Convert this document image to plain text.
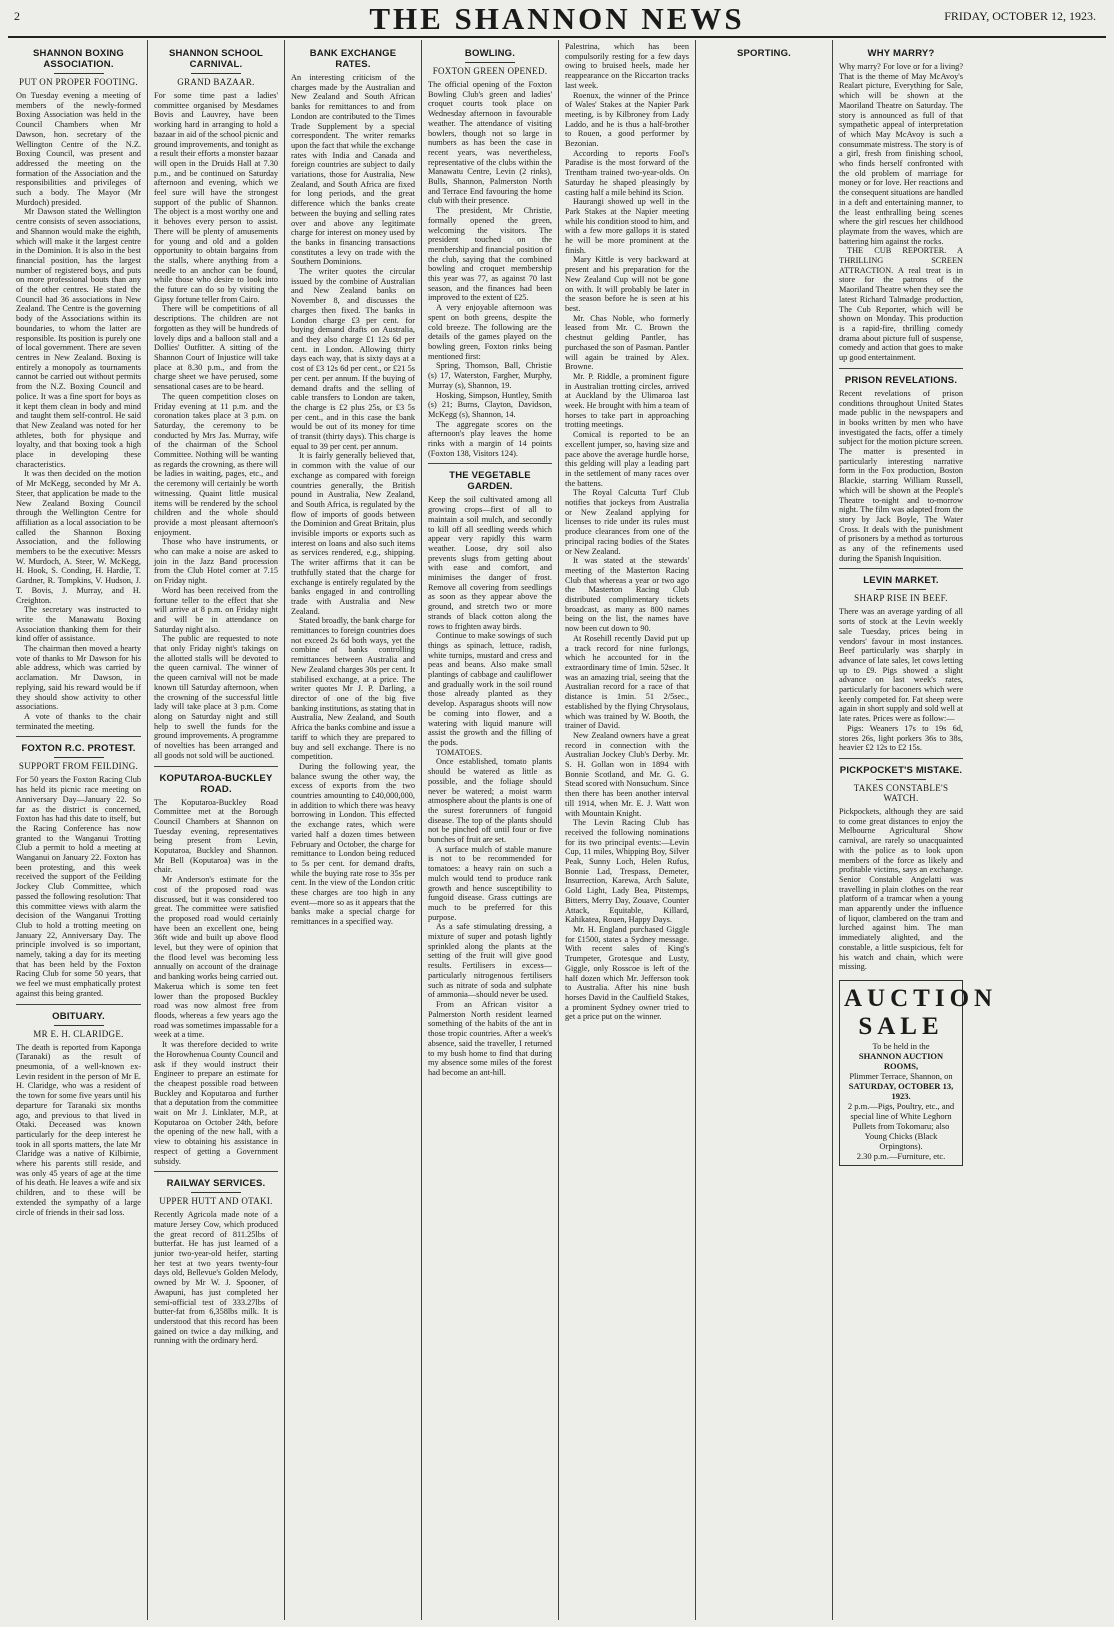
2	THE SHANNON NEWS	FRIDAY, OCTOBER 12, 1923.
SHANNON BOXING ASSOCIATION.
PUT ON PROPER FOOTING.

On Tuesday evening a meeting of members of the newly-formed Boxing Association was held in the Council Chambers when Mr Dawson, hon. secretary of the Wellington Centre of the N.Z. Boxing Council, was present and addressed the meeting on the formation of the Association and the responsibilities and privileges of such a body. The Mayor (Mr Murdoch) presided.

Mr Dawson stated the Wellington centre consists of seven associations, and Shannon would make the eighth, which will make it the largest centre in the Dominion. It is also in the best financial position, has the largest number of registered boys, and puts on more professional bouts than any of the other centres. He stated the Council had 36 associations in New Zealand. The Centre is the governing body of the Associations within its boundaries, to whom the latter are responsible. Its position is purely one of local government. There are seven centres in New Zealand. Boxing is entirely a monopoly as tournaments cannot be carried out without permits from the N.Z. Boxing Council and police. It was a fine sport for boys as it kept them clean in body and mind and taught them self-control. He said that New Zealand was noted for her athletes, both for physique and loyalty, and that boxing took a high place in developing these characteristics.

It was then decided on the motion of Mr McKegg, seconded by Mr A. Steer, that application be made to the New Zealand Boxing Council through the Wellington Centre for affiliation as a local association to be called the Shannon Boxing Association, and the following members to be the executive: Messrs W. Murdoch, A. Steer, W. McKegg, H. Hook, S. Conding, H. Hardie, T. Gardner, R. Tompkins, V. Hudson, J. T. Bovis, J. Murray, and H. Creighton.

The secretary was instructed to write the Manawatu Boxing Association thanking them for their kind offer of assistance.

The chairman then moved a hearty vote of thanks to Mr Dawson for his able address, which was carried by acclamation. Mr Dawson, in replying, said his reward would be if they should show activity to other associations.

A vote of thanks to the chair terminated the meeting.

FOXTON R.C. PROTEST.
SUPPORT FROM FEILDING.

For 50 years the Foxton Racing Club has held its picnic race meeting on Anniversary Day—January 22. So far as the district is concerned, Foxton has had this date to itself, but the Racing Conference has now granted to the Wanganui Trotting Club a permit to hold a meeting at Wanganui on January 22. Foxton has been protesting, and this week received the support of the Feilding Jockey Club Committee, which passed the following resolution: That this committee views with alarm the decision of the Wanganui Trotting Club to hold a trotting meeting on January 22, Anniversary Day. The principle involved is so important, namely, taking a day for its meeting that has been held by the Foxton Racing Club for some 50 years, that we feel we must emphatically protest against this being granted.

OBITUARY.
MR E. H. CLARIDGE.

The death is reported from Kaponga (Taranaki) as the result of pneumonia, of a well-known ex-Levin resident in the person of Mr E. H. Claridge, who was a resident of the town for some five years until his departure for Taranaki six months ago, and previous to that lived in Otaki. Deceased was known particularly for the deep interest he took in all sports matters, the late Mr Claridge was a native of Kilbirnie, where his parents still reside, and was only 45 years of age at the time of his death. He leaves a wife and six children, and to these will be extended the sympathy of a large circle of friends in their sad loss.

SHANNON SCHOOL CARNIVAL.
GRAND BAZAAR.

For some time past a ladies' committee organised by Mesdames Bovis and Lauvrey, have been working hard in arranging to hold a bazaar in aid of the school picnic and ground improvements, and tonight as a result their efforts a monster bazaar will open in the Druids Hall at 7.30 p.m., and be continued on Saturday afternoon and evening, which we feel sure will have the strongest support of the public of Shannon. The object is a most worthy one and it behoves every person to assist. There will be plenty of amusements for young and old and a golden opportunity to obtain bargains from the stalls, where anything from a needle to an anchor can be found, while those who desire to look into the future can do so by visiting the Gipsy fortune teller from Cairo.

There will be competitions of all descriptions. The children are not forgotten as they will be hundreds of lovely dips and a balloon stall and a Dollies' Outfitter. A sitting of the Shannon Court of Injustice will take place at 8.30 p.m., and from the charge sheet we have perused, some sensational cases are to be heard.

The queen competition closes on Friday evening at 11 p.m. and the coronation takes place at 3 p.m. on Saturday, the ceremony to be conducted by Mrs Jas. Murray, wife of the chairman of the School Committee. Nothing will be wanting as regards the crowning, as there will be ladies in waiting, pages, etc., and the ceremony will certainly be worth witnessing. Quaint little musical items will be rendered by the school children and the whole should provide a most pleasant afternoon's enjoyment.

Those who have instruments, or who can make a noise are asked to join in the Jazz Band procession from the Club Hotel corner at 7.15 on Friday night.

Word has been received from the fortune teller to the effect that she will arrive at 8 p.m. on Friday night and will be in attendance on Saturday night also.

The public are requested to note that only Friday night's takings on the allotted stalls will be devoted to the queen carnival. The winner of the queen carnival will not be made known till Saturday afternoon, when the crowning of the successful little lady will take place at 3 p.m. Come along on Saturday night and still help to swell the funds for the ground improvements. A programme of novelties has been arranged and all goods not sold will be auctioned.

KOPUTAROA-BUCKLEY ROAD.

The Koputaroa-Buckley Road Committee met at the Borough Council Chambers at Shannon on Tuesday evening, representatives being present from Levin, Koputaroa, Buckley and Shannon. Mr Bell (Koputaroa) was in the chair.

Mr Anderson's estimate for the cost of the proposed road was discussed, but it was considered too great. The committee were satisfied the proposed road would certainly have been an excellent one, being 36ft wide and built up above flood level, but they were of opinion that the flood level was becoming less annually on account of the drainage and banking works being carried out. Makerua which is some ten feet lower than the proposed Buckley road was now almost free from floods, whereas a few years ago the road was sometimes impassable for a week at a time.

It was therefore decided to write the Horowhenua County Council and ask if they would instruct their Engineer to prepare an estimate for the cheapest possible road between Buckley and Koputaroa and further that a deputation from the committee wait on Mr J. Linklater, M.P., at Koputaroa on October 24th, before the opening of the new hall, with a view to obtaining his assistance in respect of getting a Government subsidy.

RAILWAY SERVICES.
UPPER HUTT AND OTAKI.

Recently Agricola made note of a mature Jersey Cow, which produced the great record of 811.25lbs of butterfat. He has just learned of a junior two-year-old heifer, starting her test at two years twenty-four days old, Bellevue's Golden Melody, owned by Mr W. J. Spooner, of Awapuni, has just completed her semi-official test of 333.27lbs of butter-fat from 6,358lbs milk. It is understood that this record has been gained on twice a day milking, and running with the ordinary herd.

BANK EXCHANGE RATES.

An interesting criticism of the charges made by the Australian and New Zealand and South African banks for remittances to and from London are contributed to the Times Trade Supplement by a special correspondent. The writer remarks upon the fact that while the exchange rates with India and Canada and foreign countries are subject to daily variations, those for Australia, New Zealand, and South Africa are fixed for long periods, and the great difference which the banks create between the buying and selling rates over and above any legitimate charge for interest on money used by the banks in financing transactions constitutes a levy on trade with the Southern Dominions.

The writer quotes the circular issued by the combine of Australian and New Zealand banks on November 8, and discusses the charges then fixed. The banks in London charge £3 per cent. for buying demand drafts on Australia, and they also charge £1 12s 6d per cent. in London. Allowing thirty days each way, that is sixty days at a cost of £3 12s 6d per cent., or £21 5s per cent. per annum. If the buying of demand drafts and the selling of cable transfers to London are taken, the charge is £2 plus 25s, or £3 5s per cent., and in this case the bank would be out of its money for time of transit (thirty days). This charge is equal to 39 per cent. per annum.

It is fairly generally believed that, in common with the value of our exchange as compared with foreign countries generally, the British pound in Australia, New Zealand, and South Africa, is regulated by the flow of imports of goods between the Dominion and Great Britain, plus invisible imports or exports such as interest on loans and also such items as services rendered, e.g., shipping. The writer affirms that it can be truthfully stated that the charge for exchange is entirely regulated by the banks engaged in and controlling trade with Australia and New Zealand.

Stated broadly, the bank charge for remittances to foreign countries does not exceed 2s 6d both ways, yet the combine of banks controlling remittances between Australia and New Zealand charges 30s per cent. It stabilised exchange, at a price. The writer quotes Mr J. P. Darling, a director of one of the big five banking institutions, as stating that in Australia, New Zealand, and South Africa the banks combine and issue a tariff to which they are prepared to buy and sell exchange. There is no competition.

During the following year, the balance swung the other way, the excess of exports from the two countries amounting to £40,000,000, in addition to which there was heavy borrowing in London. This effected the exchange rates, which were varied half a dozen times between February and October, the charge for remittance to London being reduced to 5s per cent. for demand drafts, while the buying rate rose to 35s per cent. In the view of the London critic these charges are too high in any event—more so as it appears that the banks make a special charge for remittances in a specified way.

BOWLING.
FOXTON GREEN OPENED.

The official opening of the Foxton Bowling Club's green and ladies' croquet courts took place on Wednesday afternoon in favourable weather. The attendance of visiting bowlers, though not so large in numbers as has been the case in recent years, was nevertheless, representative of the clubs within the Manawatu Centre, Levin (2 rinks), Bulls, Shannon, Palmerston North and Terrace End favouring the home club with their presence.

The president, Mr Christie, formally opened the green, welcoming the visitors. The president touched on the membership and financial position of the club, saying that the combined bowling and croquet membership this year was 77, as against 70 last season, and the finances had been improved to the extent of £25.

A very enjoyable afternoon was spent on both greens, despite the cold breeze. The following are the details of the games played on the bowling green, Foxton rinks being mentioned first:

Spring, Thomson, Ball, Christie (s) 17, Waterston, Fargher, Murphy, Murray (s), Shannon, 19.

Hosking, Simpson, Huntley, Smith (s) 21; Burns, Clayton, Davidson, McKegg (s), Shannon, 14.

The aggregate scores on the afternoon's play leaves the home rinks with a margin of 14 points (Foxton 138, Visitors 124).

THE VEGETABLE GARDEN.

Keep the soil cultivated among all growing crops—first of all to maintain a soil mulch, and secondly to kill off all seedling weeds which appear very rapidly this warm weather. Loose, dry soil also prevents slugs from getting about with ease and comfort, and minimises the danger of frost. Remove all covering from seedlings as soon as they appear above the ground, and stretch two or more strands of black cotton along the rows to frighten away birds.

Continue to make sowings of such things as spinach, lettuce, radish, white turnips, mustard and cress and peas and beans. Also make small plantings of cabbage and cauliflower and gradually work in the soil round those already planted as they develop. Asparagus shoots will now be coming into flower, and a watering with liquid manure will assist the growth and the filling of the pods.

TOMATOES.

Once established, tomato plants should be watered as little as possible, and the foliage should never be watered; a moist warm atmosphere about the plants is one of the surest forerunners of fungoid disease. The top of the plants should not be pinched off until four or five bunches of fruit are set.

A surface mulch of stable manure is not to be recommended for tomatoes: a heavy rain on such a mulch would tend to produce rank growth and hence susceptibility to fungoid disease. Grass cuttings are much to be preferred for this purpose.

As a safe stimulating dressing, a mixture of super and potash lightly sprinkled along the plants at the setting of the fruit will give good results. Fertilisers in excess—particularly nitrogenous fertilisers such as nitrate of soda and sulphate of ammonia—should never be used.

From an African visitor a Palmerston North resident learned something of the habits of the ant in those tropic countries. After a week's absence, said the traveller, I returned to my bush home to find that during my absence some miles of the forest had become an ant-hill.

Palestrina, which has been compulsorily resting for a few days owing to bruised heels, made her reappearance on the Riccarton tracks last week.

Roenux, the winner of the Prince of Wales' Stakes at the Napier Park meeting, is by Kilbroney from Lady Laddo, and he is thus a half-brother to Rouen, a good performer by Bezonian.

According to reports Fool's Paradise is the most forward of the Trentham trained two-year-olds. On Saturday he shaped pleasingly by casting half a mile behind its Scion.

Haurangi showed up well in the Park Stakes at the Napier meeting while his condition stood to him, and with a few more gallops it is stated he will be more prominent at the finish.

Mary Kittle is very backward at present and his preparation for the New Zealand Cup will not be gone on with. It will probably be later in the season before he is seen at his best.

Mr. Chas Noble, who formerly leased from Mr. C. Brown the chestnut gelding Pantler, has purchased the son of Pasman. Pantler will again be trained by Alex. Browne.

Mr. P. Riddle, a prominent figure in Australian trotting circles, arrived at Auckland by the Ulimaroa last week. He brought with him a team of horses to take part in approaching trotting meetings.

Comical is reported to be an excellent jumper, so, having size and pace above the average hurdle horse, this gelding will play a leading part in the settlement of many races over the battens.

The Royal Calcutta Turf Club notifies that jockeys from Australia or New Zealand applying for licenses to ride under its rules must produce clearances from one of the principal racing bodies of the States or New Zealand.

It was stated at the stewards' meeting of the Masterton Racing Club that whereas a year or two ago the Masterton Racing Club distributed complimentary tickets broadcast, as many as 800 names being on the list, the names have now been cut down to 90.

At Rosehill recently David put up a track record for nine furlongs, which he accounted for in the extraordinary time of 1min. 52sec. It was an amazing trial, seeing that the Australian record for a race of that distance is 1min. 51 2/5sec., established by the flying Chrysolaus, which was trained by W. Booth, the trainer of David.

New Zealand owners have a great record in connection with the Australian Jockey Club's Derby. Mr. S. H. Gollan won in 1894 with Bonnie Scotland, and Mr. G. G. Stead scored with Nonsuchum. Since then there has been another interval till 1914, when Mr. E. J. Watt won with Mountain Knight.

The Levin Racing Club has received the following nominations for its two principal events:—Levin Cup, 11 miles, Whipping Boy, Silver Peak, Sunny Loch, Helen Rufus, Bonnie Lad, Trespass, Demeter, Insurrection, Karewa, Arch Salute, Gold Light, Lady Bea, Pitstemps, Bitters, Merry Day, Zouave, Counter Attack, Equitable, Killard, Kahikatea, Rouen, Happy Days.

Mr. H. England purchased Giggle for £1500, states a Sydney message. With recent sales of King's Trumpeter, Grotesque and Lusty, Giggle, only Rosscoe is left of the half dozen which Mr. Jefferson took to Australia. After his nine bush horses David in the Caulfield Stakes, a prominent Sydney owner tried to get a price put on the winner.

SPORTING.	WHY MARRY?

Why marry? For love or for a living? That is the theme of May McAvoy's Realart picture, Everything for Sale, which will be shown at the Maoriland Theatre on Saturday. The story is announced as full of that sympathetic appeal of interpretation of which May McAvoy is such a consummate mistress. The story is of a girl, fresh from finishing school, who finds herself confronted with the old problem of marriage for money or for love. Her reactions and the consequent situations are handled in a deft and entertaining manner, to the least enthralling being scenes where the girl rescues her childhood playmate from the waves, which are battering him against the rocks.

THE CUB REPORTER. A THRILLING SCREEN ATTRACTION. A real treat is in store for the patrons of the Maoriland Theatre when they see the latest Richard Talmadge production, The Cub Reporter, which will be shown on Monday. This production is a rapid-fire, thrilling comedy drama about picture full of suspense, comedy and action that goes to make up good entertainment.

PRISON REVELATIONS.

Recent revelations of prison conditions throughout United States made public in the newspapers and in books written by men who have investigated the facts, offer a timely subject for the motion picture screen. The matter is presented in particularly interesting narrative form in the Fox production, Boston Blackie, starring William Russell, which will be shown at the People's Theatre to-night and to-morrow night. The film was adapted from the story by Jack Boyle, The Water Cross. It deals with the punishment of prisoners by a method as torturous as any of the refinements used during the Spanish Inquisition.

LEVIN MARKET.
SHARP RISE IN BEEF.

There was an average yarding of all sorts of stock at the Levin weekly sale Tuesday, prices being in vendors' favour in most instances. Beef particularly was sharply in advance of late sales, let cows letting up to £9. Pigs showed a slight advance on last week's rates, particularly for baconers which were keenly competed for. Fat sheep were again in short supply and sold well at late rates. Prices were as follow:—

Pigs: Weaners 17s to 19s 6d, stores 26s, light porkers 36s to 38s, heavier £2 12s to £2 15s.

PICKPOCKET'S MISTAKE.
TAKES CONSTABLE'S WATCH.

Pickpockets, although they are said to come great distances to enjoy the Melbourne Agricultural Show carnival, are rarely so unacquainted with the police as to look upon members of the force as likely and profitable victims, says an exchange. Senior Constable Angelatti was travelling in plain clothes on the rear platform of a tramcar when a young man apparently under the influence of liquor, clambered on the tram and lurched against him. The man immediately alighted, and the constable, a little suspicious, felt for his watch and chain, which were missing.

AUCTION
SALE
To be held in the
SHANNON AUCTION ROOMS,
Plimmer Terrace, Shannon, on
SATURDAY, OCTOBER 13, 1923.
2 p.m.—Pigs, Poultry, etc., and special line of White Leghorn Pullets from Tokomaru; also Young Chicks (Black Orpingtons).
2.30 p.m.—Furniture, etc.
